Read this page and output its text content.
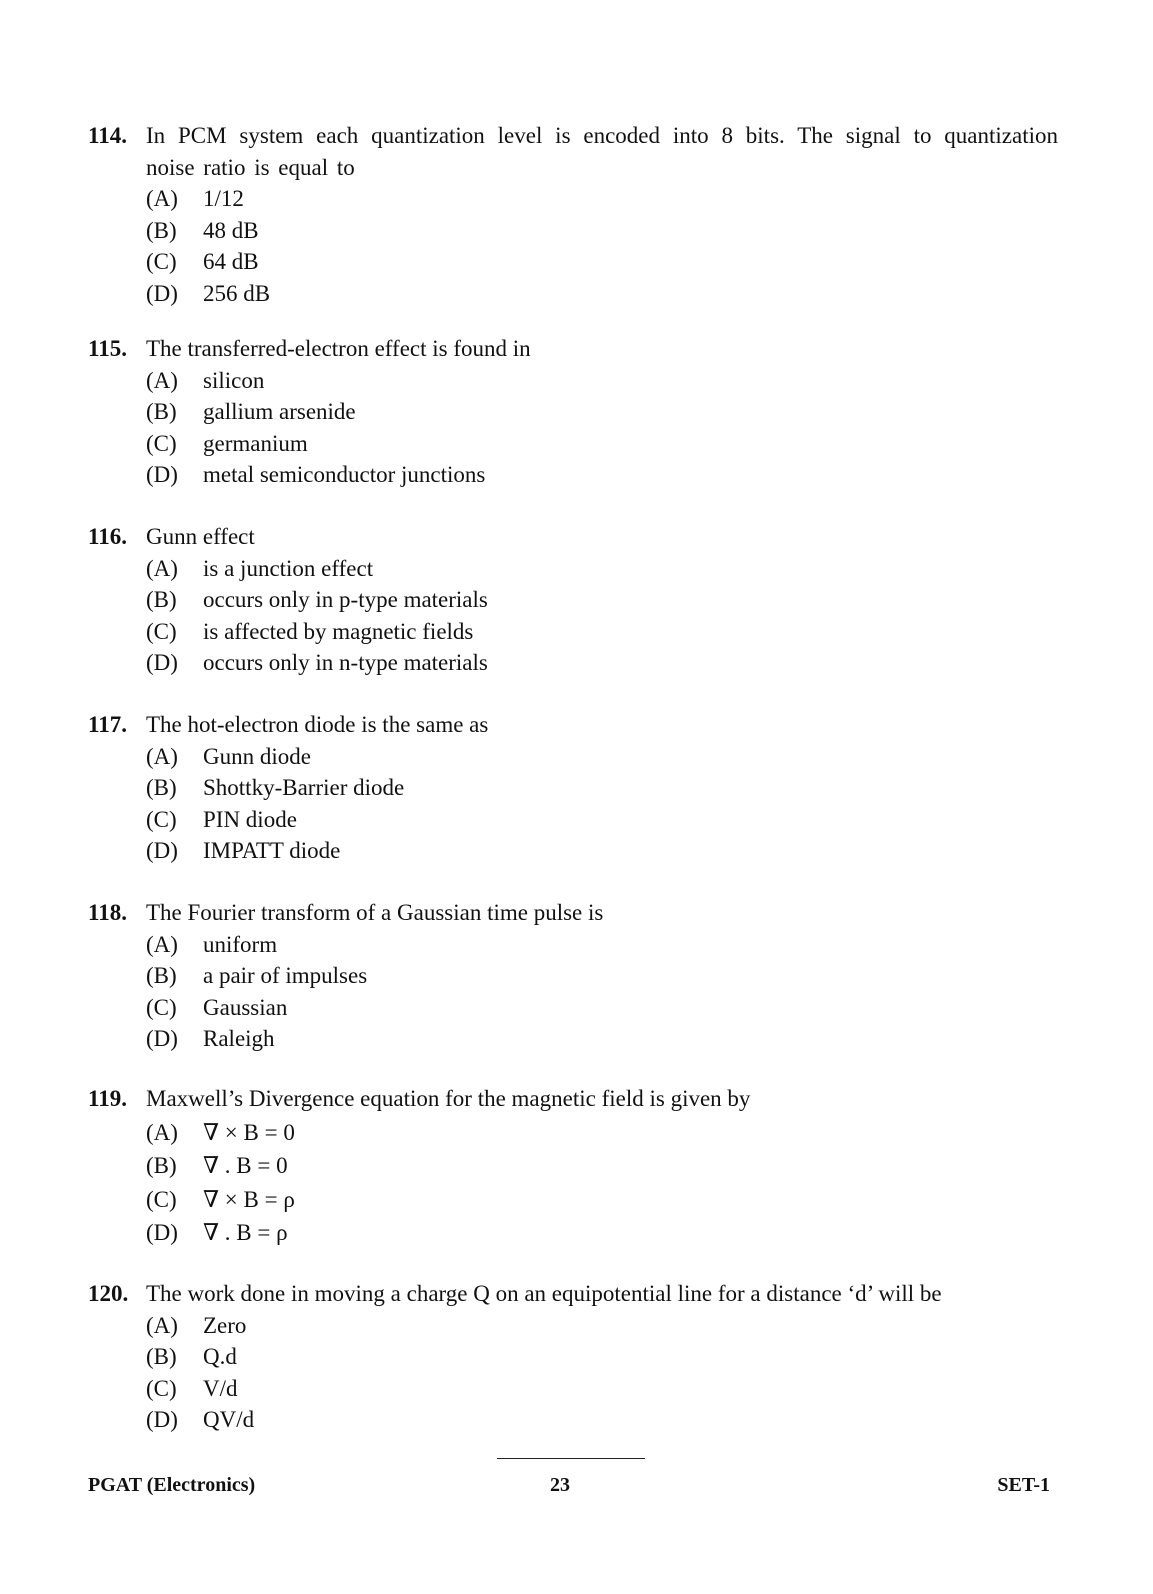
114. In PCM system each quantization level is encoded into 8 bits. The signal to quantization noise ratio is equal to
(A) 1/12
(B) 48 dB
(C) 64 dB
(D) 256 dB
115. The transferred-electron effect is found in
(A) silicon
(B) gallium arsenide
(C) germanium
(D) metal semiconductor junctions
116. Gunn effect
(A) is a junction effect
(B) occurs only in p-type materials
(C) is affected by magnetic fields
(D) occurs only in n-type materials
117. The hot-electron diode is the same as
(A) Gunn diode
(B) Shottky-Barrier diode
(C) PIN diode
(D) IMPATT diode
118. The Fourier transform of a Gaussian time pulse is
(A) uniform
(B) a pair of impulses
(C) Gaussian
(D) Raleigh
119. Maxwell’s Divergence equation for the magnetic field is given by
(A) ∇ × B = 0
(B) ∇ . B = 0
(C) ∇ × B = ρ
(D) ∇ . B = ρ
120. The work done in moving a charge Q on an equipotential line for a distance ‘d’ will be
(A) Zero
(B) Q.d
(C) V/d
(D) QV/d
PGAT (Electronics)	23	SET-1
